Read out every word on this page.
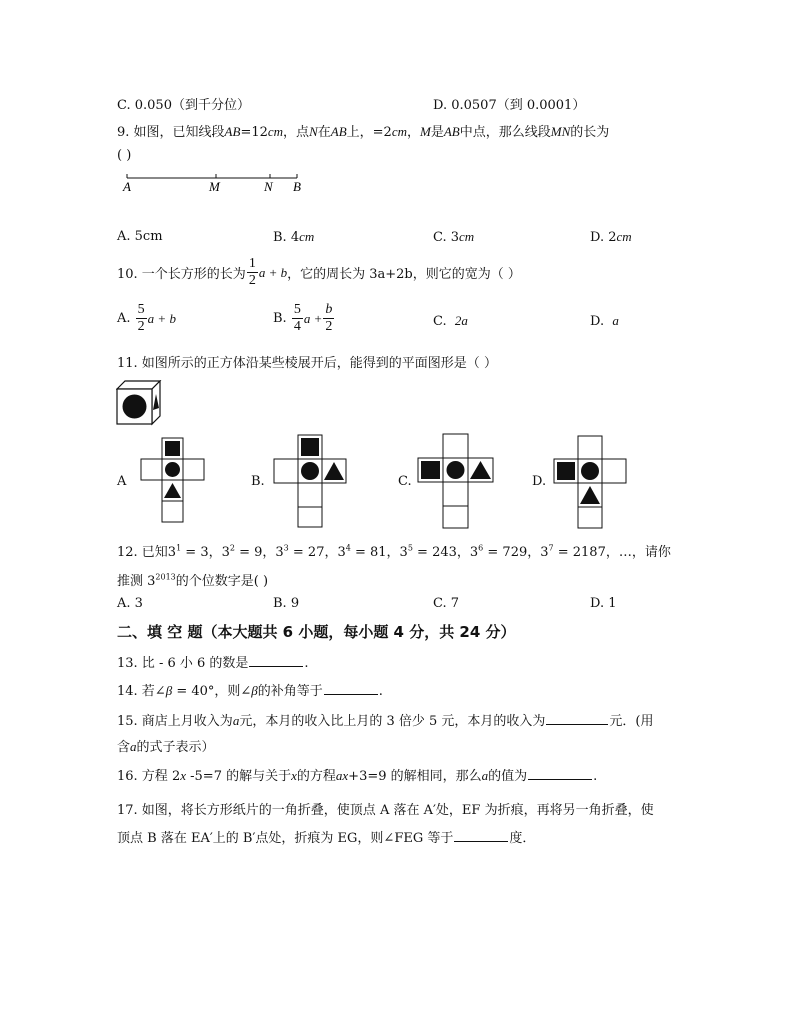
C. 0.050（到千分位）	D. 0.0507（到 0.0001）
9. 如图，已知线段AB=12cm，点N在AB上，=2cm，M是AB中点，那么线段MN的长为
( )
A	M	N B
A. 5cm	B. 4cm	C. 3cm	D. 2cm
10. 一个长方形的长为 $\frac{1}{2}$ a + b ，它的周长为 3a+2b，则它的宽为（ ）
A.
$\frac{5}{2}$ a + b	B.
$\frac{5}{4}$ $a + \frac{b}{2}$	C. 2a	D. a
11. 如图所示的正方体沿某些棱展开后，能得到的平面图形是（ ）
A	B.	C.	D.
12. 已知$3^1 = 3$，$3^2 = 9$，$3^3 = 27$，$3^4 = 81$，$3^5 = 243$，$3^6 = 729$，$3^7 = 2187$，…，请你
推测 $3^{2013}$的个位数字是( )
A. 3	B. 9	C. 7	D. 1
二、填 空 题（本大题共 6 小题，每小题 4 分，共 24 分）
13. 比 - 6 小 6 的数是	.
14. 若∠β = 40°，则∠β的补角等于	.
15. 商店上月收入为a元，本月的收入比上月的 3 倍少 5 元，本月的收入为	元．(用
含a的式子表示）
16. 方程 2x -5=7 的解与关于x的方程ax+3=9 的解相同，那么a的值为	.
17. 如图，将长方形纸片的一角折叠，使顶点 A 落在 A′处，EF 为折痕，再将另一角折叠，使
顶点 B 落在 EA′上的 B′点处，折痕为 EG，则∠FEG 等于	度．
